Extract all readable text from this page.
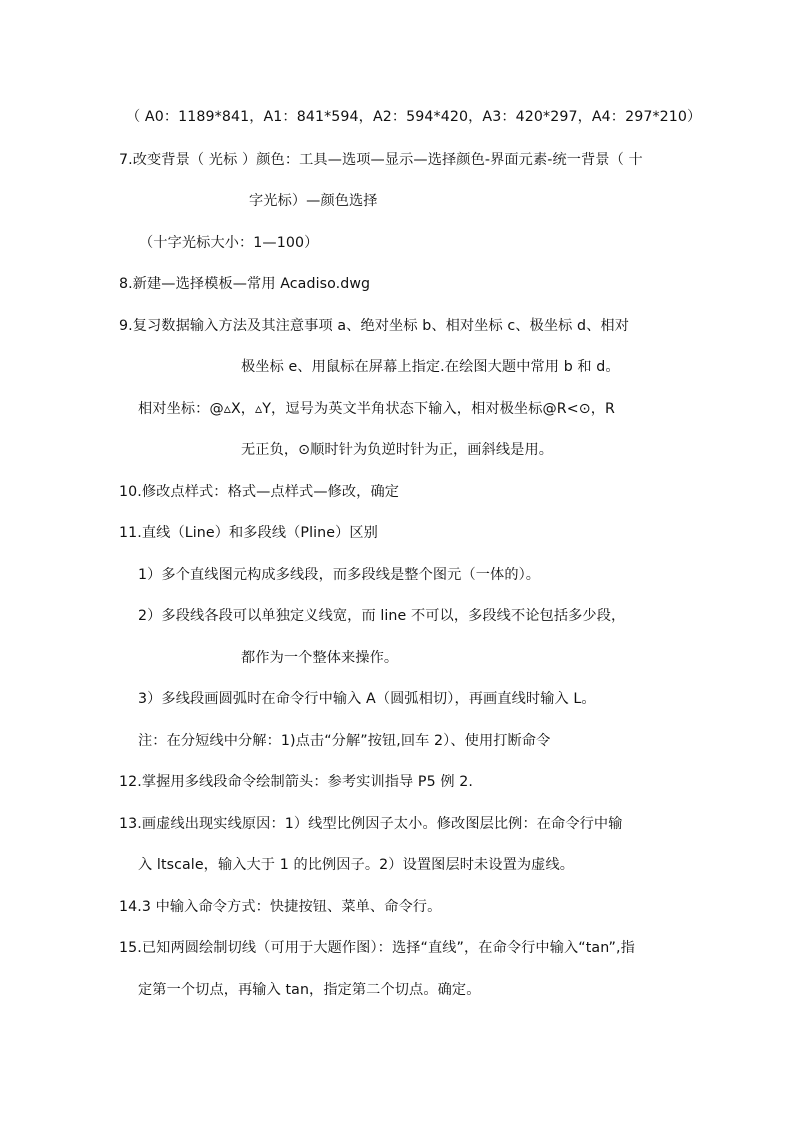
（ A0：1189*841，A1：841*594，A2：594*420，A3：420*297，A4：297*210）
7.改变背景（ 光标 ）颜色：工具—选项—显示—选择颜色-界面元素-统一背景（ 十
字光标）—颜色选择
（十字光标大小：1—100）
8.新建—选择模板—常用 Acadiso.dwg
9.复习数据输入方法及其注意事项 a、绝对坐标 b、相对坐标 c、极坐标 d、相对
极坐标 e、用鼠标在屏幕上指定.在绘图大题中常用 b 和 d。
相对坐标：@▵X，▵Y，逗号为英文半角状态下输入，相对极坐标@R<⊙，R
无正负，⊙顺时针为负逆时针为正，画斜线是用。
10.修改点样式：格式—点样式—修改，确定
11.直线（Line）和多段线（Pline）区别
1）多个直线图元构成多线段，而多段线是整个图元（一体的）。
2）多段线各段可以单独定义线宽，而 line 不可以，多段线不论包括多少段，
都作为一个整体来操作。
3）多线段画圆弧时在命令行中输入 A（圆弧相切），再画直线时输入 L。
注：在分短线中分解：1)点击“分解”按钮,回车 2）、使用打断命令
12.掌握用多线段命令绘制箭头：参考实训指导 P5 例 2.
13.画虚线出现实线原因：1）线型比例因子太小。修改图层比例：在命令行中输
入 ltscale，输入大于 1 的比例因子。2）设置图层时未设置为虚线。
14.3 中输入命令方式：快捷按钮、菜单、命令行。
15.已知两圆绘制切线（可用于大题作图）：选择“直线”，在命令行中输入“tan”,指
定第一个切点，再输入 tan，指定第二个切点。确定。
